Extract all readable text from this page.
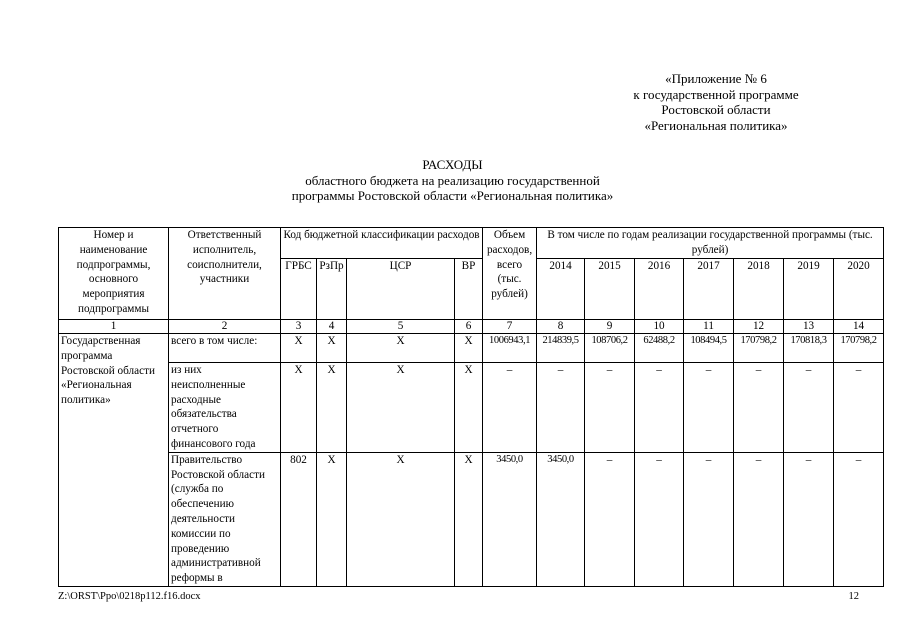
«Приложение № 6
к государственной программе
Ростовской области
«Региональная политика»
РАСХОДЫ
областного бюджета на реализацию государственной
программы Ростовской области «Региональная политика»
Номер и наименование подпрограммы, основного мероприятия подпрограммы	Ответственный исполнитель, соисполнители, участники	Код бюджетной классификации расходов				Объем расходов, всего (тыс. рублей)	В том числе по годам реализации государственной программы (тыс. рублей)						
		ГРБС	РзПр	ЦСР	ВР		2014	2015	2016	2017	2018	2019	2020
1	2	3	4	5	6	7	8	9	10	11	12	13	14
Государственная программа Ростовской области «Региональная политика»	всего в том числе:	Х	Х	Х	Х	1006943,1	214839,5	108706,2	62488,2	108494,5	170798,2	170818,3	170798,2
	из них неисполненные расходные обязательства отчетного финансового года	Х	Х	Х	Х	–	–	–	–	–	–	–	–
	Правительство Ростовской области (служба по обеспечению деятельности комиссии по проведению административной реформы в	802	Х	Х	Х	3450,0	3450,0	–	–	–	–	–	–
Z:\ORST\Ppo\0218p112.f16.docx	12
